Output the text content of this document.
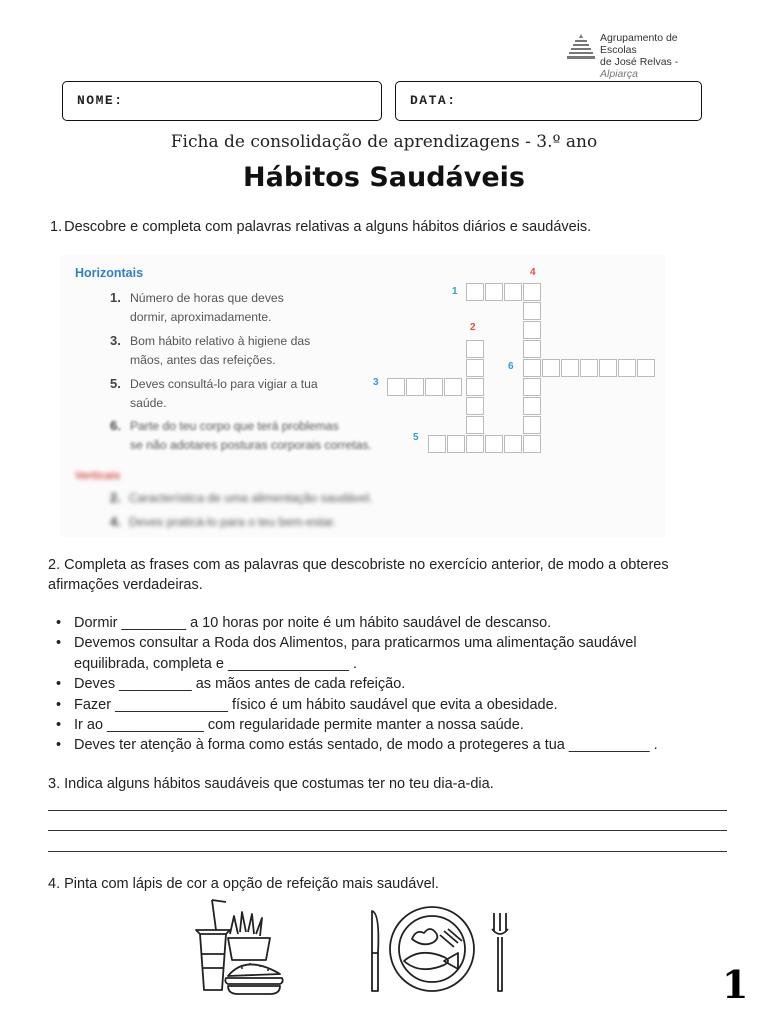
Agrupamento de Escolas
de José Relvas - Alpiarça
NOME:	DATA:
Ficha de consolidação de aprendizagens - 3.º ano
Hábitos Saudáveis
1. Descobre e completa com palavras relativas a alguns hábitos diários e saudáveis.
Horizontais
1. Número de horas que deves
dormir, aproximadamente.
3. Bom hábito relativo à higiene das
mãos, antes das refeições.
5. Deves consultá-lo para vigiar a tua
saúde.
6. Parte do teu corpo que terá problemas
se não adotares posturas corporais corretas.
Verticais
2. Característica de uma alimentação saudável.
4. Deves praticá-lo para o teu bem-estar.
1
2
3
4
5
6
2. Completa as frases com as palavras que descobriste no exercício anterior, de modo a obteres
afirmações verdadeiras.
• Dormir ________ a 10 horas por noite é um hábito saudável de descanso.
• Devemos consultar a Roda dos Alimentos, para praticarmos uma alimentação saudável
equilibrada, completa e _______________ .
• Deves _________ as mãos antes de cada refeição.
• Fazer ______________ físico é um hábito saudável que evita a obesidade.
• Ir ao ____________ com regularidade permite manter a nossa saúde.
• Deves ter atenção à forma como estás sentado, de modo a protegeres a tua __________ .
3. Indica alguns hábitos saudáveis que costumas ter no teu dia-a-dia.
4. Pinta com lápis de cor a opção de refeição mais saudável.
1
